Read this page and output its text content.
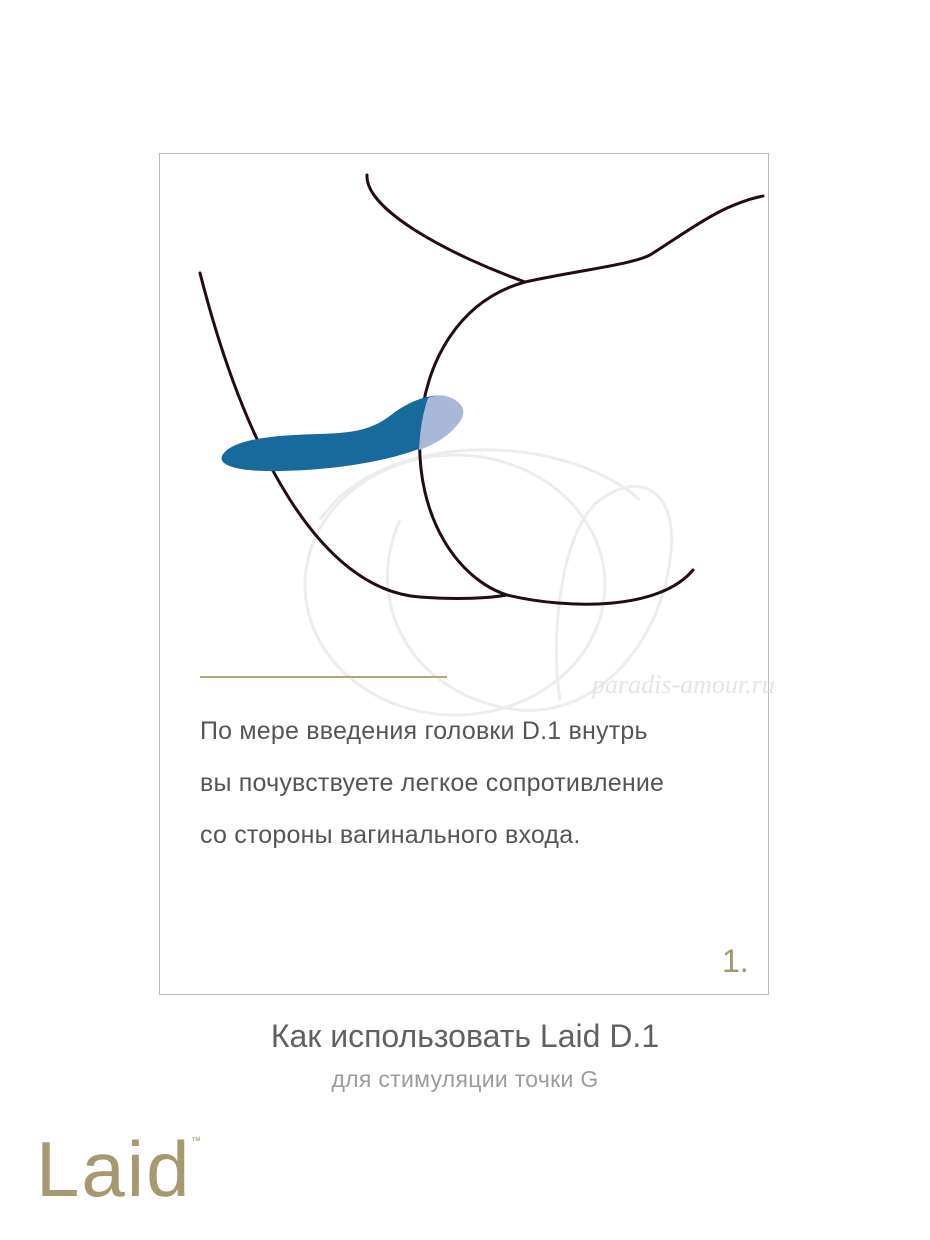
paradis-amour.ru
По мере введения головки D.1 внутрь
вы почувствуете легкое сопротивление
со стороны вагинального входа.
1.
Как использовать Laid D.1
для стимуляции точки G
Laid ™
